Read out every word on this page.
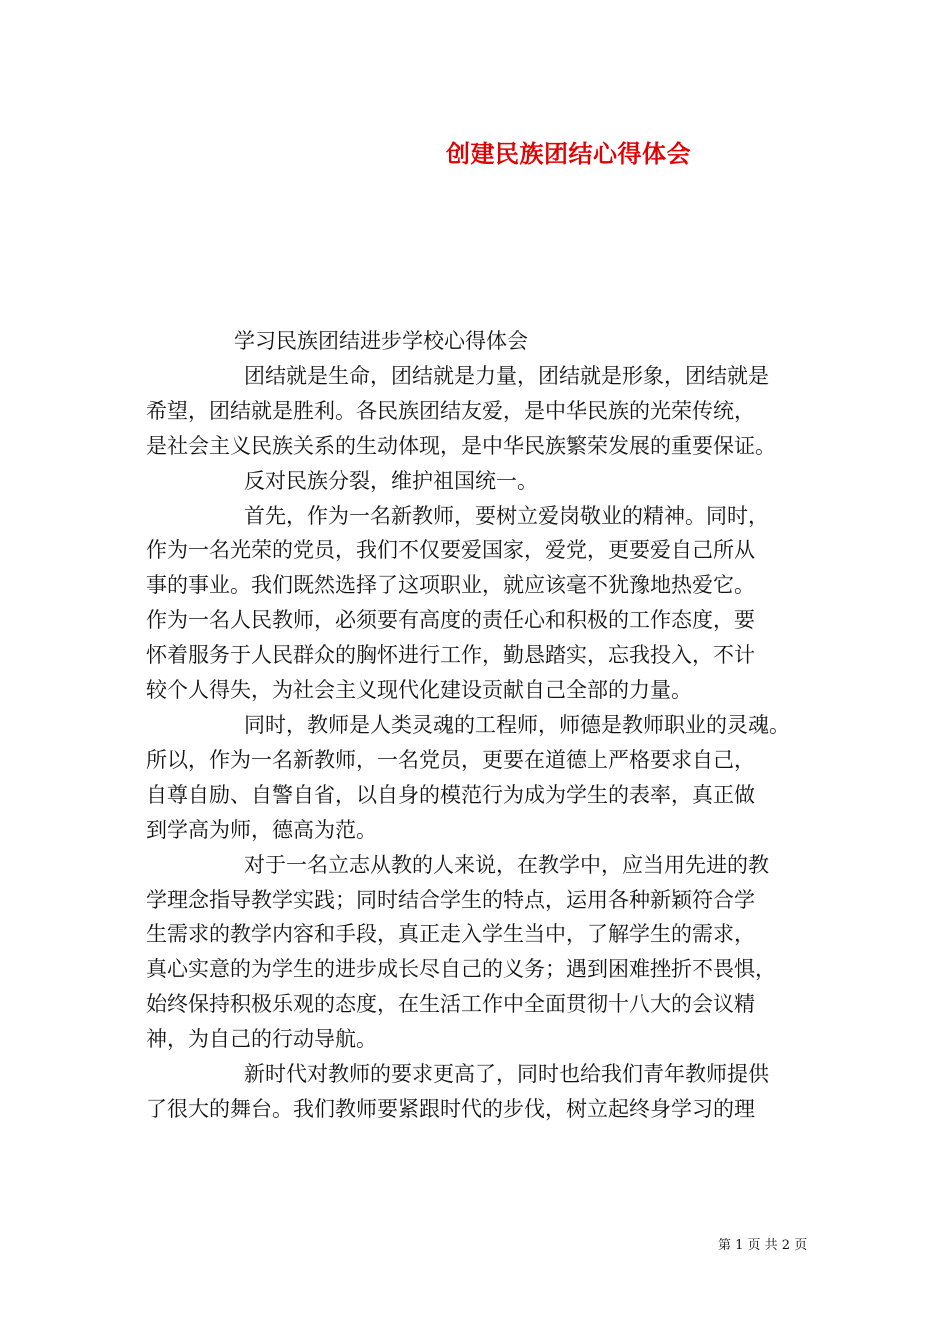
创建民族团结心得体会
学习民族团结进步学校心得体会
团结就是生命，团结就是力量，团结就是形象，团结就是
希望，团结就是胜利。各民族团结友爱，是中华民族的光荣传统，
是社会主义民族关系的生动体现，是中华民族繁荣发展的重要保证。
反对民族分裂，维护祖国统一。
首先，作为一名新教师，要树立爱岗敬业的精神。同时，
作为一名光荣的党员，我们不仅要爱国家，爱党，更要爱自己所从
事的事业。我们既然选择了这项职业，就应该毫不犹豫地热爱它。
作为一名人民教师，必须要有高度的责任心和积极的工作态度，要
怀着服务于人民群众的胸怀进行工作，勤恳踏实，忘我投入，不计
较个人得失，为社会主义现代化建设贡献自己全部的力量。
同时，教师是人类灵魂的工程师，师德是教师职业的灵魂。
所以，作为一名新教师，一名党员，更要在道德上严格要求自己，
自尊自励、自警自省，以自身的模范行为成为学生的表率，真正做
到学高为师，德高为范。
对于一名立志从教的人来说，在教学中，应当用先进的教
学理念指导教学实践；同时结合学生的特点，运用各种新颖符合学
生需求的教学内容和手段，真正走入学生当中，了解学生的需求，
真心实意的为学生的进步成长尽自己的义务；遇到困难挫折不畏惧，
始终保持积极乐观的态度，在生活工作中全面贯彻十八大的会议精
神，为自己的行动导航。
新时代对教师的要求更高了，同时也给我们青年教师提供
了很大的舞台。我们教师要紧跟时代的步伐，树立起终身学习的理
第 1 页 共 2 页
